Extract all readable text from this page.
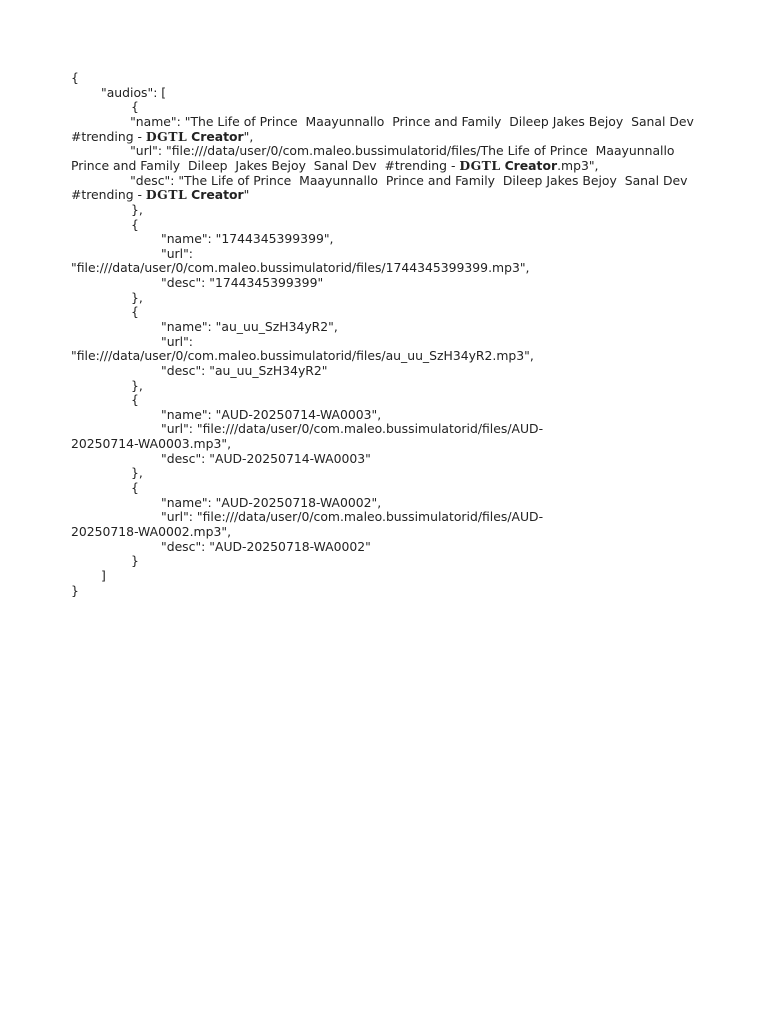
{
"audios": [
{
"name": "The Life of Prince  Maayunnallo  Prince and Family  Dileep Jakes Bejoy  Sanal Dev  #trending - DGTL Creator",
"url": "file:///data/user/0/com.maleo.bussimulatorid/files/The Life of Prince  Maayunnallo  Prince and Family  Dileep  Jakes Bejoy  Sanal Dev  #trending - DGTL Creator.mp3",
"desc": "The Life of Prince  Maayunnallo  Prince and Family  Dileep Jakes Bejoy  Sanal Dev  #trending - DGTL Creator"
},
{
"name": "1744345399399",
"url":
"file:///data/user/0/com.maleo.bussimulatorid/files/1744345399399.mp3",
"desc": "1744345399399"
},
{
"name": "au_uu_SzH34yR2",
"url":
"file:///data/user/0/com.maleo.bussimulatorid/files/au_uu_SzH34yR2.mp3",
"desc": "au_uu_SzH34yR2"
},
{
"name": "AUD-20250714-WA0003",
"url": "file:///data/user/0/com.maleo.bussimulatorid/files/AUD-
20250714-WA0003.mp3",
"desc": "AUD-20250714-WA0003"
},
{
"name": "AUD-20250718-WA0002",
"url": "file:///data/user/0/com.maleo.bussimulatorid/files/AUD-
20250718-WA0002.mp3",
"desc": "AUD-20250718-WA0002"
}
]
}
